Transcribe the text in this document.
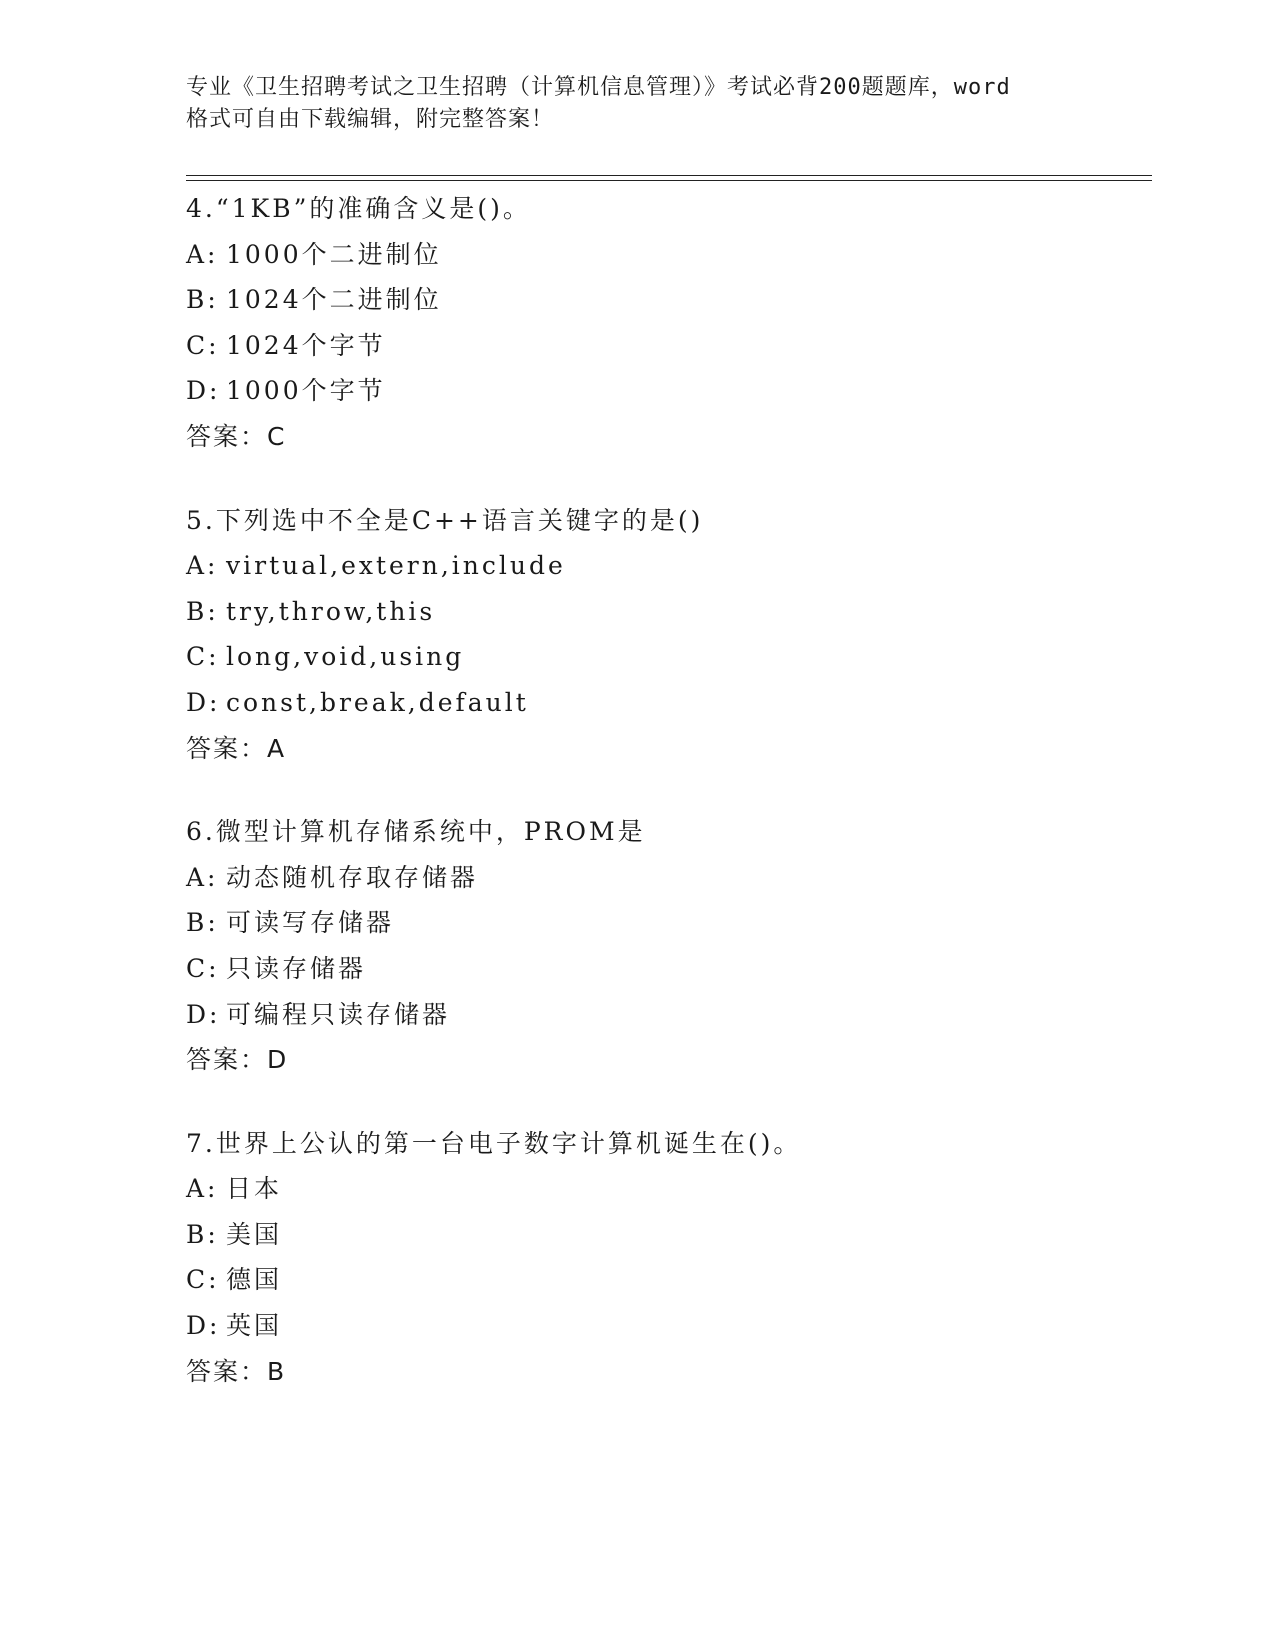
专业《卫生招聘考试之卫生招聘（计算机信息管理）》考试必背200题题库，word
格式可自由下载编辑，附完整答案！
4.“1KB”的准确含义是()。
A: 1000个二进制位
B: 1024个二进制位
C: 1024个字节
D: 1000个字节
答案：C
5.下列选中不全是C++语言关键字的是()
A: virtual,extern,include
B: try,throw,this
C: long,void,using
D: const,break,default
答案：A
6.微型计算机存储系统中，PROM是
A: 动态随机存取存储器
B: 可读写存储器
C: 只读存储器
D: 可编程只读存储器
答案：D
7.世界上公认的第一台电子数字计算机诞生在()。
A: 日本
B: 美国
C: 德国
D: 英国
答案：B
